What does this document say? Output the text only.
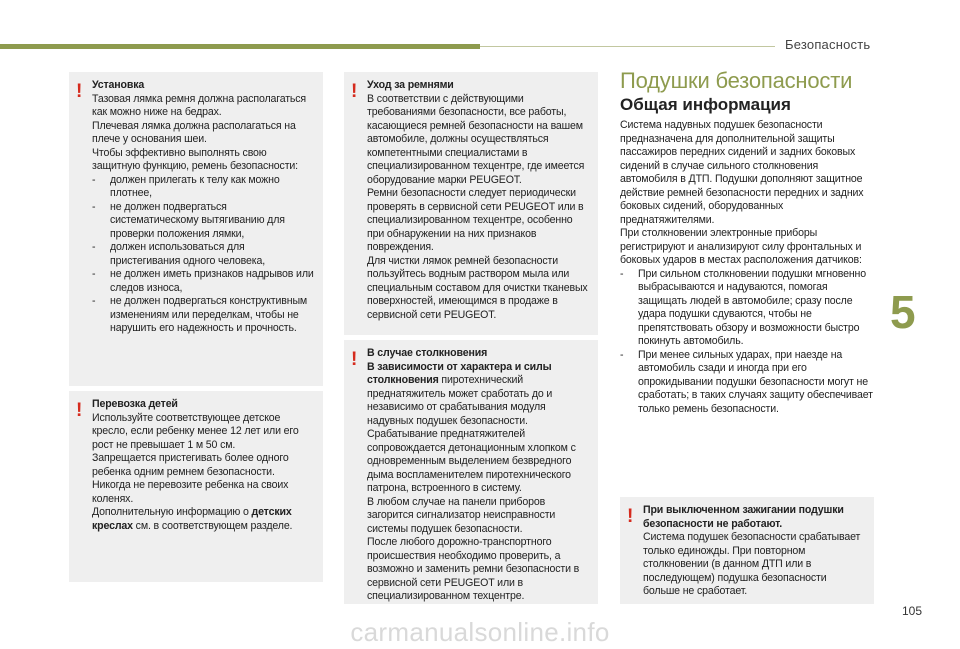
Безопасность
! Установка

Тазовая лямка ремня должна располагаться как можно ниже на бедрах.

Плечевая лямка должна располагаться на плече у основания шеи.

Чтобы эффективно выполнять свою защитную функцию, ремень безопасности:

- должен прилегать к телу как можно плотнее,
- не должен подвергаться систематическому вытягиванию для проверки положения лямки,
- должен использоваться для пристегивания одного человека,
- не должен иметь признаков надрывов или следов износа,
- не должен подвергаться конструктивным изменениям или переделкам, чтобы не нарушить его надежность и прочность.
! Перевозка детей

Используйте соответствующее детское кресло, если ребенку менее 12 лет или его рост не превышает 1 м 50 см.

Запрещается пристегивать более одного ребенка одним ремнем безопасности.

Никогда не перевозите ребенка на своих коленях.

Дополнительную информацию о детских креслах см. в соответствующем разделе.

! Уход за ремнями

В соответствии с действующими требованиями безопасности, все работы, касающиеся ремней безопасности на вашем автомобиле, должны осуществляться компетентными специалистами в специализированном техцентре, где имеется оборудование марки PEUGEOT.

Ремни безопасности следует периодически проверять в сервисной сети PEUGEOT или в специализированном техцентре, особенно при обнаружении на них признаков повреждения.

Для чистки лямок ремней безопасности пользуйтесь водным раствором мыла или специальным составом для очистки тканевых поверхностей, имеющимся в продаже в сервисной сети PEUGEOT.

! В случае столкновения

В зависимости от характера и силы столкновения пиротехнический преднатяжитель может сработать до и независимо от срабатывания модуля надувных подушек безопасности. Срабатывание преднатяжителей сопровождается детонационным хлопком с одновременным выделением безвредного дыма воспламенителем пиротехнического патрона, встроенного в систему.

В любом случае на панели приборов загорится сигнализатор неисправности системы подушек безопасности.

После любого дорожно-транспортного происшествия необходимо проверить, а возможно и заменить ремни безопасности в сервисной сети PEUGEOT или в специализированном техцентре.

Подушки безопасности
Общая информация

Система надувных подушек безопасности предназначена для дополнительной защиты пассажиров передних сидений и задних боковых сидений в случае сильного столкновения автомобиля в ДТП. Подушки дополняют защитное действие ремней безопасности передних и задних боковых сидений, оборудованных преднатяжителями.

При столкновении электронные приборы регистрируют и анализируют силу фронтальных и боковых ударов в местах расположения датчиков:

- При сильном столкновении подушки мгновенно выбрасываются и надуваются, помогая защищать людей в автомобиле; сразу после удара подушки сдуваются, чтобы не препятствовать обзору и возможности быстро покинуть автомобиль.
- При менее сильных ударах, при наезде на автомобиль сзади и иногда при его опрокидывании подушки безопасности могут не сработать; в таких случаях защиту обеспечивает только ремень безопасности.
! При выключенном зажигании подушки безопасности не работают.

Система подушек безопасности срабатывает только единожды. При повторном столкновении (в данном ДТП или в последующем) подушка безопасности больше не сработает.

5
105
carmanualsonline.info
